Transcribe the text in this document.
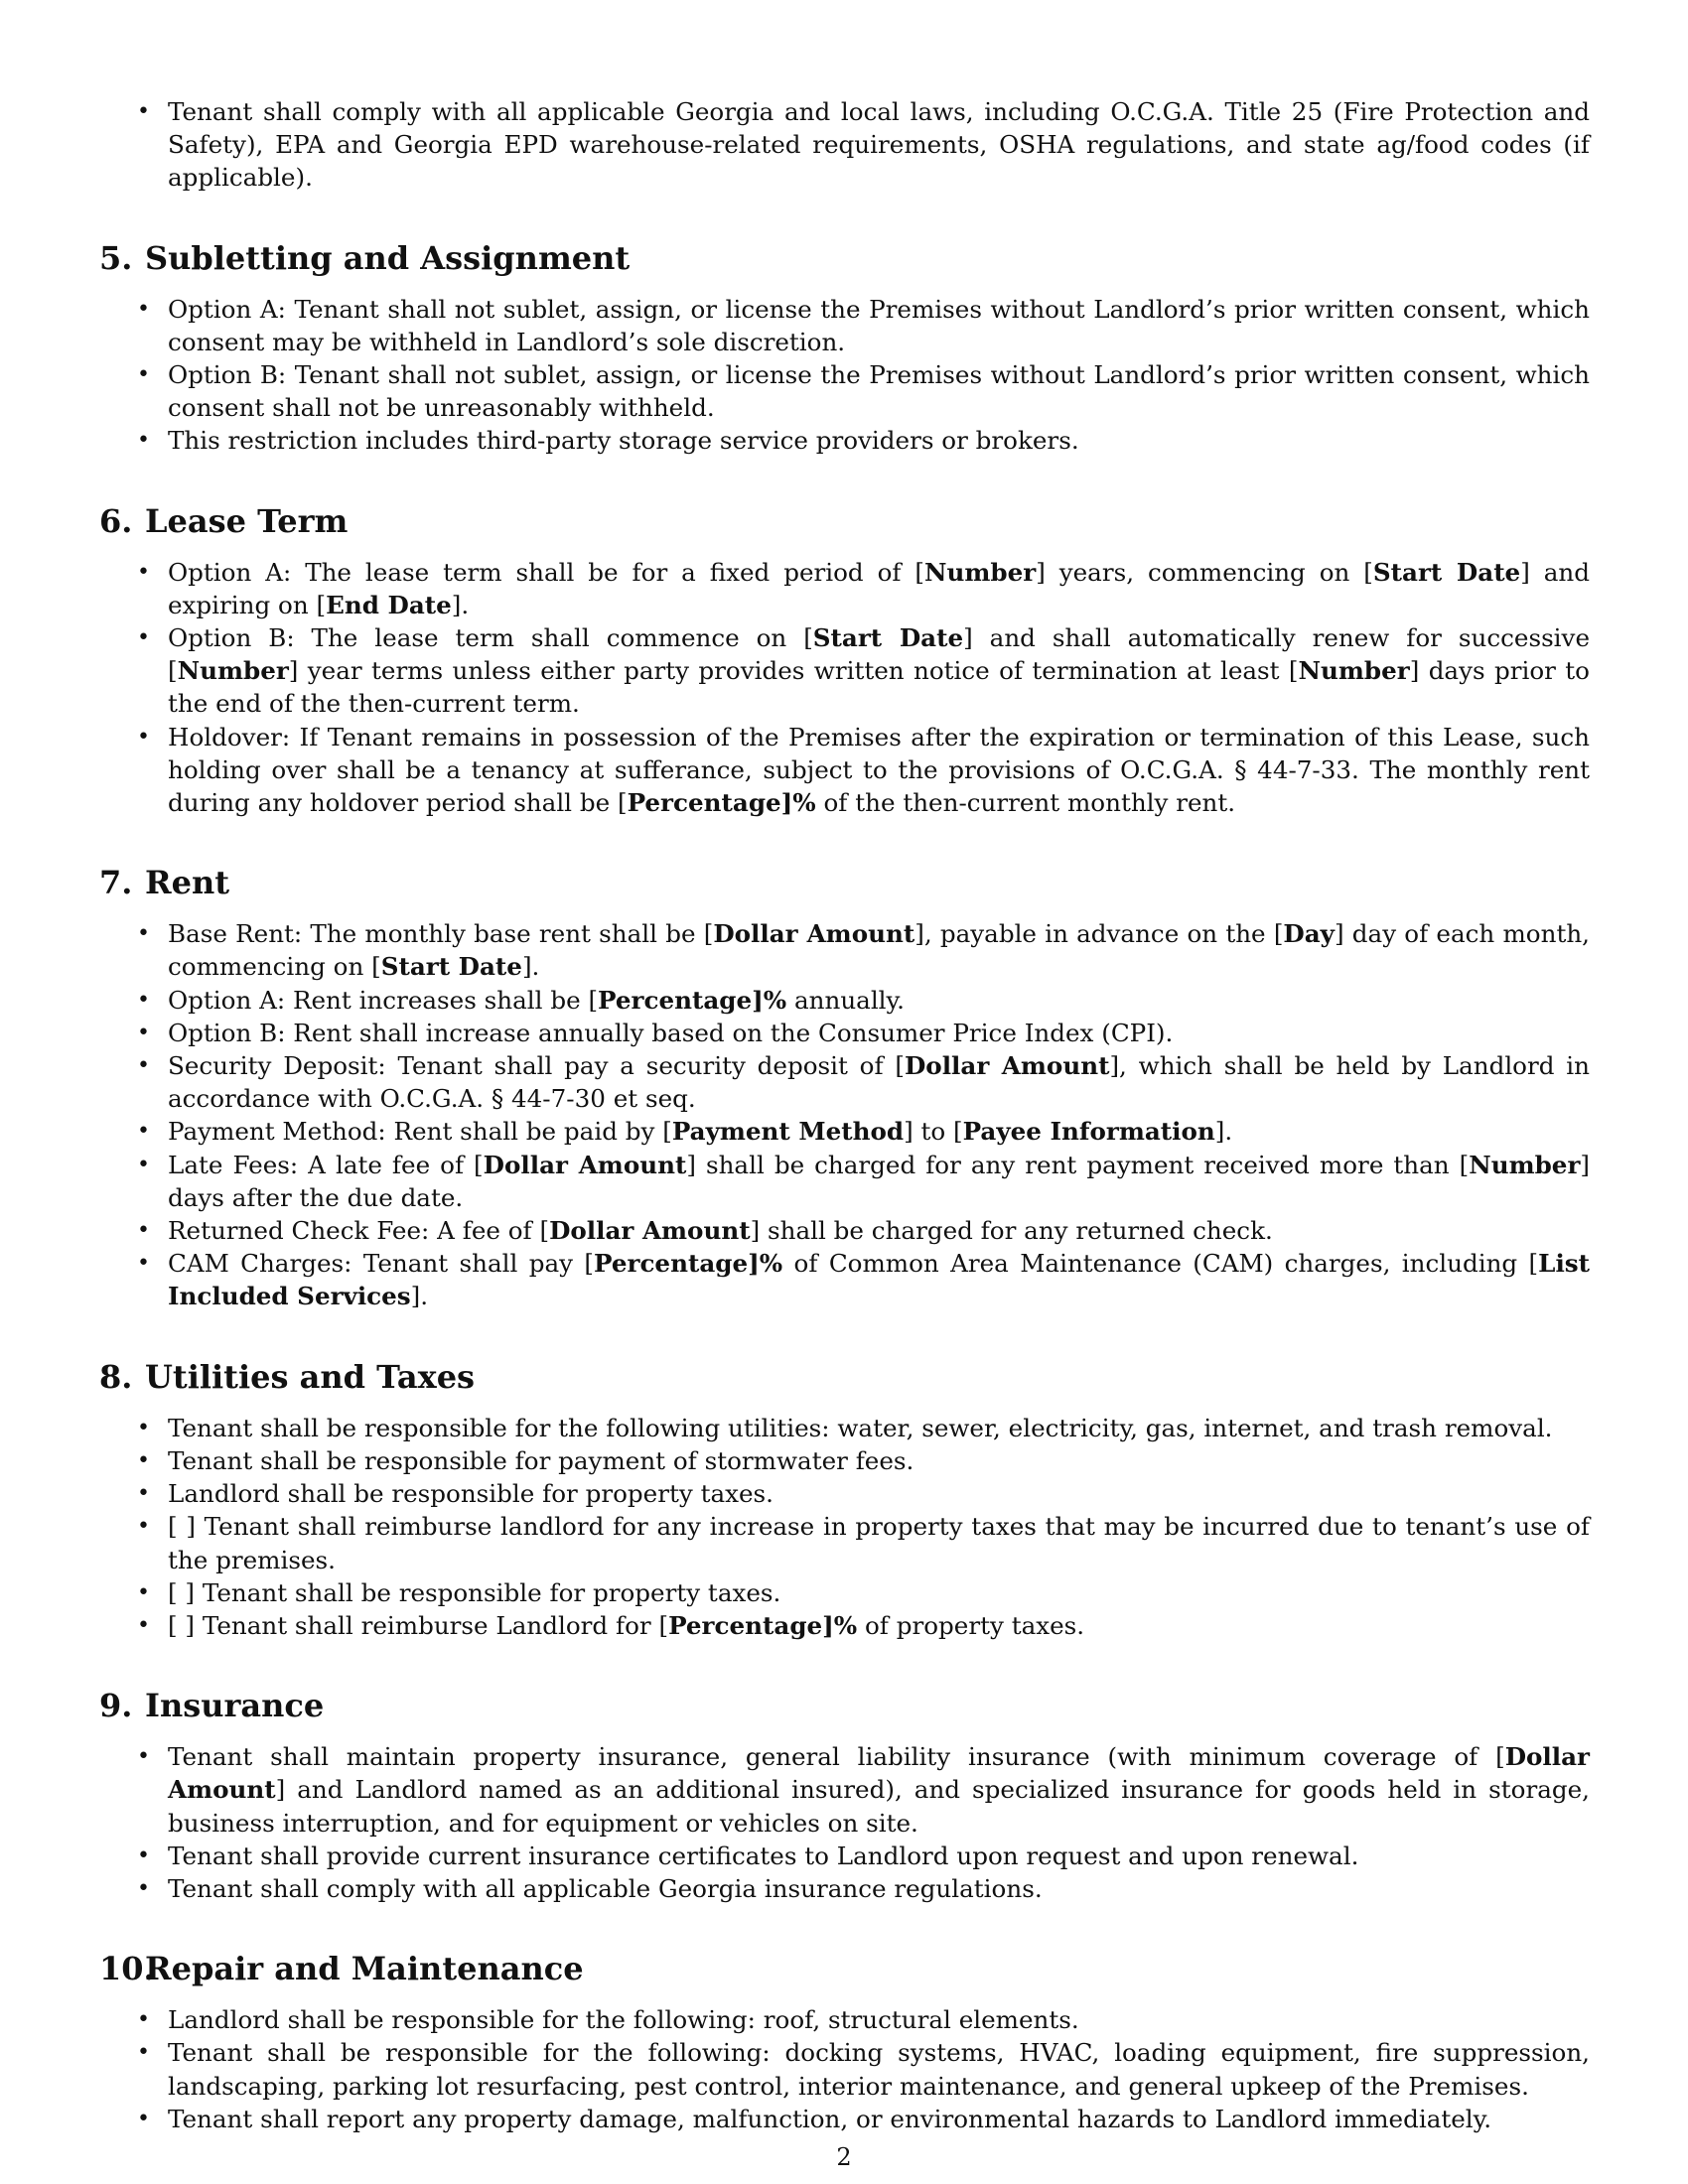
• Tenant shall comply with all applicable Georgia and local laws, including O.C.G.A. Title 25 (Fire Protection and Safety), EPA and Georgia EPD warehouse-related requirements, OSHA regulations, and state ag/food codes (if applicable).
5. Subletting and Assignment
• Option A: Tenant shall not sublet, assign, or license the Premises without Landlord’s prior written consent, which consent may be withheld in Landlord’s sole discretion.
• Option B: Tenant shall not sublet, assign, or license the Premises without Landlord’s prior written consent, which consent shall not be unreasonably withheld.
• This restriction includes third-party storage service providers or brokers.
6. Lease Term
• Option A: The lease term shall be for a fixed period of [Number] years, commencing on [Start Date] and expiring on [End Date].
• Option B: The lease term shall commence on [Start Date] and shall automatically renew for successive [Number] year terms unless either party provides written notice of termination at least [Number] days prior to the end of the then-current term.
• Holdover: If Tenant remains in possession of the Premises after the expiration or termination of this Lease, such holding over shall be a tenancy at sufferance, subject to the provisions of O.C.G.A. § 44-7-33. The monthly rent during any holdover period shall be [Percentage]% of the then-current monthly rent.
7. Rent
• Base Rent: The monthly base rent shall be [Dollar Amount], payable in advance on the [Day] day of each month, commencing on [Start Date].
• Option A: Rent increases shall be [Percentage]% annually.
• Option B: Rent shall increase annually based on the Consumer Price Index (CPI).
• Security Deposit: Tenant shall pay a security deposit of [Dollar Amount], which shall be held by Landlord in accordance with O.C.G.A. § 44-7-30 et seq.
• Payment Method: Rent shall be paid by [Payment Method] to [Payee Information].
• Late Fees: A late fee of [Dollar Amount] shall be charged for any rent payment received more than [Number] days after the due date.
• Returned Check Fee: A fee of [Dollar Amount] shall be charged for any returned check.
• CAM Charges: Tenant shall pay [Percentage]% of Common Area Maintenance (CAM) charges, including [List Included Services].
8. Utilities and Taxes
• Tenant shall be responsible for the following utilities: water, sewer, electricity, gas, internet, and trash removal.
• Tenant shall be responsible for payment of stormwater fees.
• Landlord shall be responsible for property taxes.
• [ ] Tenant shall reimburse landlord for any increase in property taxes that may be incurred due to tenant’s use of the premises.
• [ ] Tenant shall be responsible for property taxes.
• [ ] Tenant shall reimburse Landlord for [Percentage]% of property taxes.
9. Insurance
• Tenant shall maintain property insurance, general liability insurance (with minimum coverage of [Dollar Amount] and Landlord named as an additional insured), and specialized insurance for goods held in storage, business interruption, and for equipment or vehicles on site.
• Tenant shall provide current insurance certificates to Landlord upon request and upon renewal.
• Tenant shall comply with all applicable Georgia insurance regulations.
10.Repair and Maintenance
• Landlord shall be responsible for the following: roof, structural elements.
• Tenant shall be responsible for the following: docking systems, HVAC, loading equipment, fire suppression, landscaping, parking lot resurfacing, pest control, interior maintenance, and general upkeep of the Premises.
• Tenant shall report any property damage, malfunction, or environmental hazards to Landlord immediately.
2
